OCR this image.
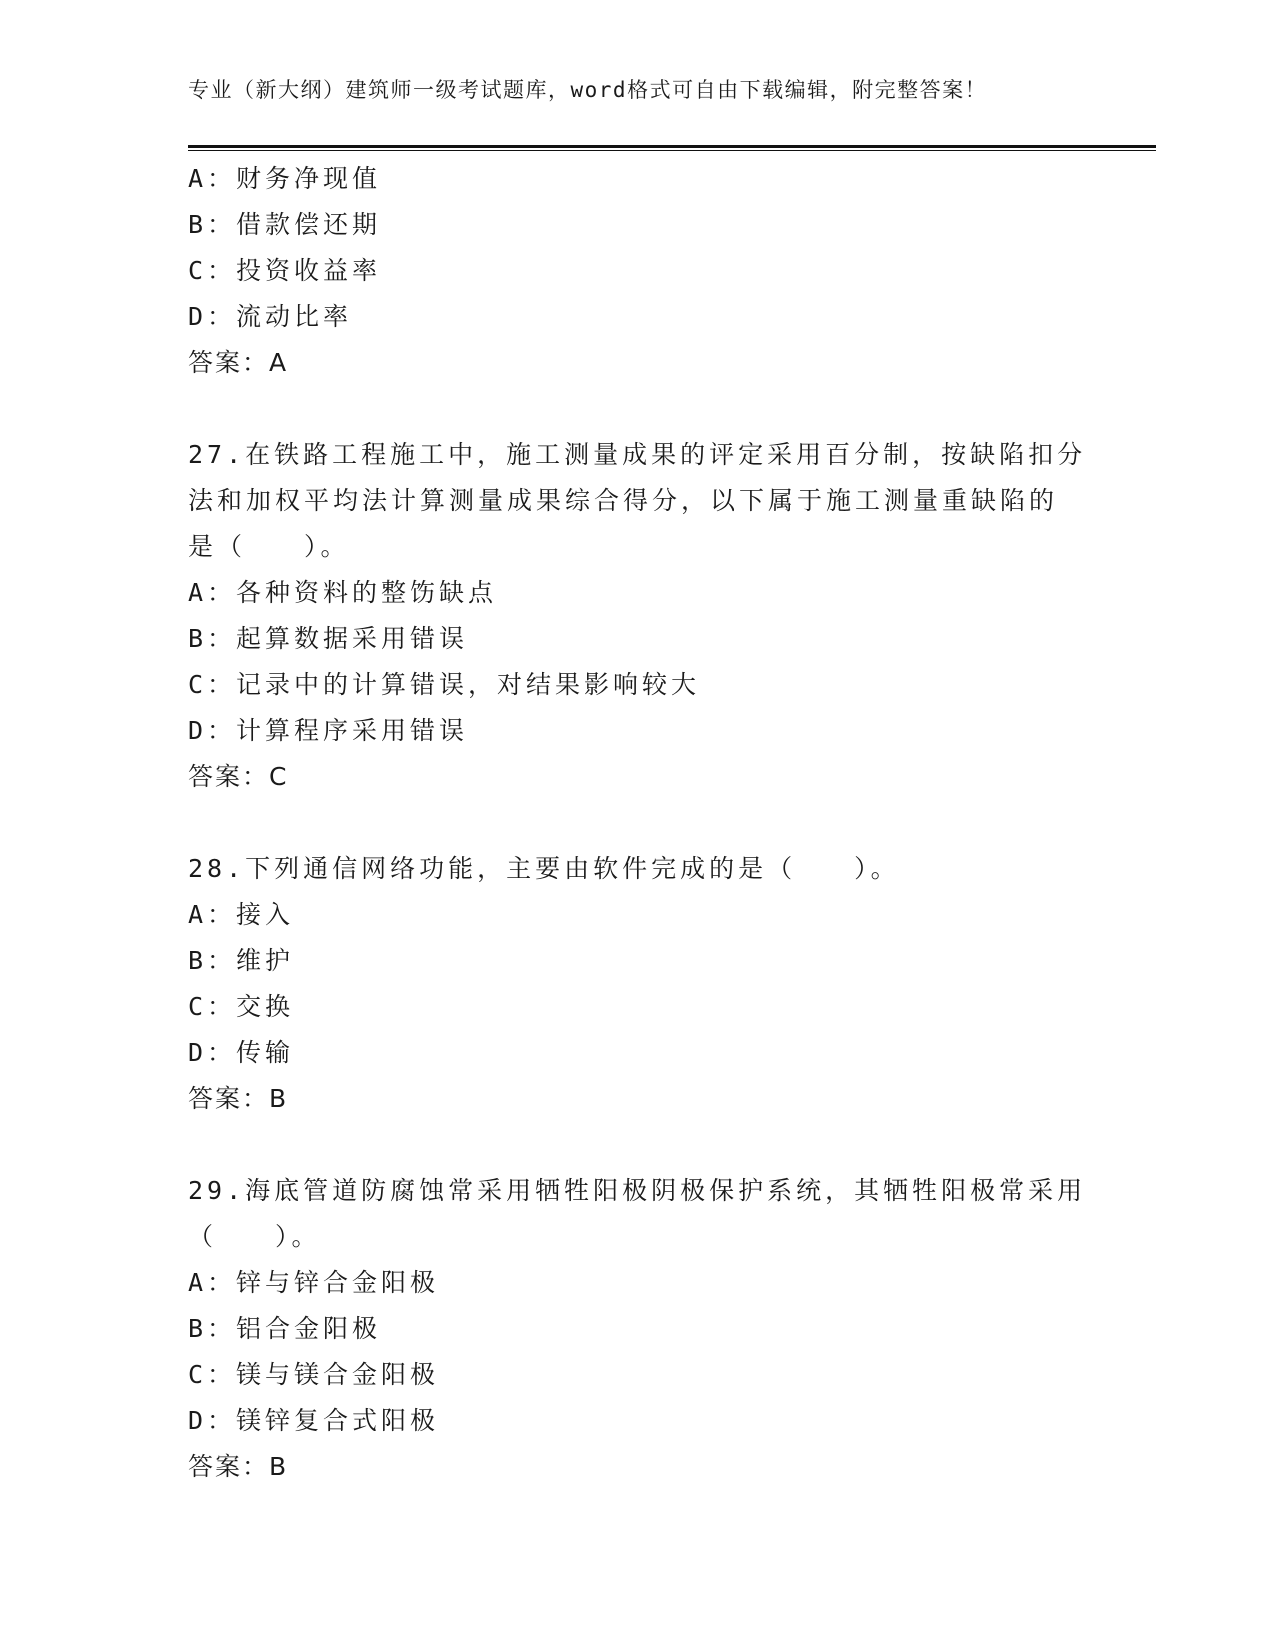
专业（新大纲）建筑师一级考试题库，word格式可自由下载编辑，附完整答案！
A：财务净现值
B：借款偿还期
C：投资收益率
D：流动比率
答案：A
27.在铁路工程施工中，施工测量成果的评定采用百分制，按缺陷扣分
法和加权平均法计算测量成果综合得分，以下属于施工测量重缺陷的
是（　　）。
A：各种资料的整饬缺点
B：起算数据采用错误
C：记录中的计算错误，对结果影响较大
D：计算程序采用错误
答案：C
28.下列通信网络功能，主要由软件完成的是（　　）。
A：接入
B：维护
C：交换
D：传输
答案：B
29.海底管道防腐蚀常采用牺牲阳极阴极保护系统，其牺牲阳极常采用
（　　）。
A：锌与锌合金阳极
B：铝合金阳极
C：镁与镁合金阳极
D：镁锌复合式阳极
答案：B
